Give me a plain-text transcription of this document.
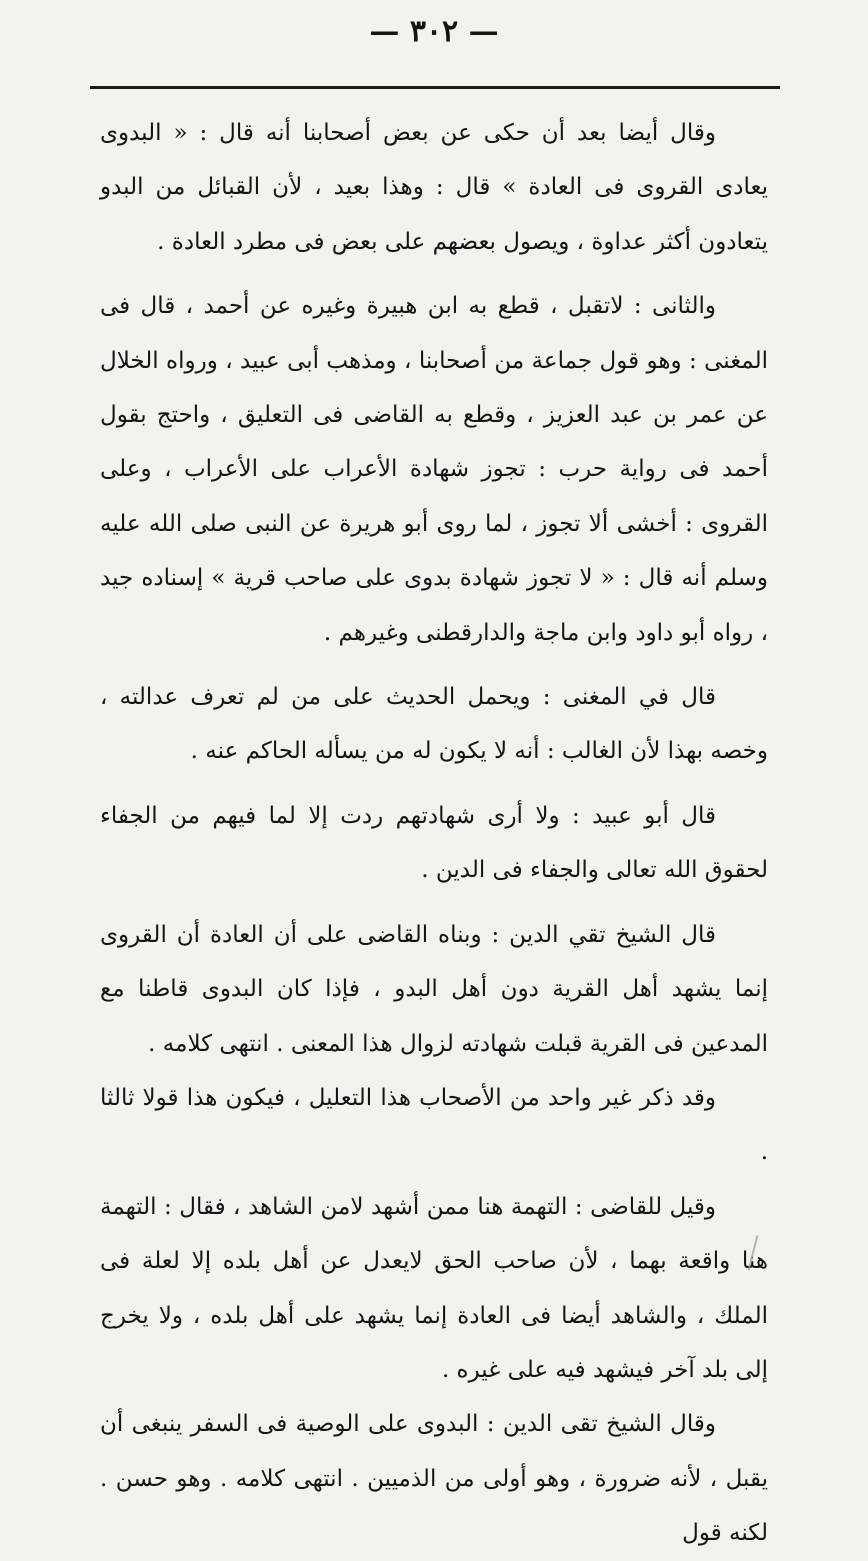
— ٣٠٢ —

وقال أيضا بعد أن حكى عن بعض أصحابنا أنه قال : « البدوى يعادى القروى فى العادة » قال : وهذا بعيد ، لأن القبائل من البدو يتعادون أكثر عداوة ، ويصول بعضهم على بعض فى مطرد العادة .

والثانى : لاتقبل ، قطع به ابن هبيرة وغيره عن أحمد ، قال فى المغنى : وهو قول جماعة من أصحابنا ، ومذهب أبى عبيد ، ورواه الخلال عن عمر بن عبد العزيز ، وقطع به القاضى فى التعليق ، واحتج بقول أحمد فى رواية حرب : تجوز شهادة الأعراب على الأعراب ، وعلى القروى : أخشى ألا تجوز ، لما روى أبو هريرة عن النبى صلى الله عليه وسلم أنه قال : « لا تجوز شهادة بدوى على صاحب قرية » إسناده جيد ، رواه أبو داود وابن ماجة والدارقطنى وغيرهم .

قال في المغنى : ويحمل الحديث على من لم تعرف عدالته ، وخصه بهذا لأن الغالب : أنه لا يكون له من يسأله الحاكم عنه .

قال أبو عبيد : ولا أرى شهادتهم ردت إلا لما فيهم من الجفاء لحقوق الله تعالى والجفاء فى الدين .

قال الشيخ تقي الدين : وبناه القاضى على أن العادة أن القروى إنما يشهد أهل القرية دون أهل البدو ، فإذا كان البدوى قاطنا مع المدعين فى القرية قبلت شهادته لزوال هذا المعنى . انتهى كلامه .

وقد ذكر غير واحد من الأصحاب هذا التعليل ، فيكون هذا قولا ثالثا .

وقيل للقاضى : التهمة هنا ممن أشهد لامن الشاهد ، فقال : التهمة هنا واقعة بهما ، لأن صاحب الحق لايعدل عن أهل بلده إلا لعلة فى الملك ، والشاهد أيضا فى العادة إنما يشهد على أهل بلده ، ولا يخرج إلى بلد آخر فيشهد فيه على غيره .

وقال الشيخ تقى الدين : البدوى على الوصية فى السفر ينبغى أن يقبل ، لأنه ضرورة ، وهو أولى من الذميين . انتهى كلامه . وهو حسن . لكنه قول
